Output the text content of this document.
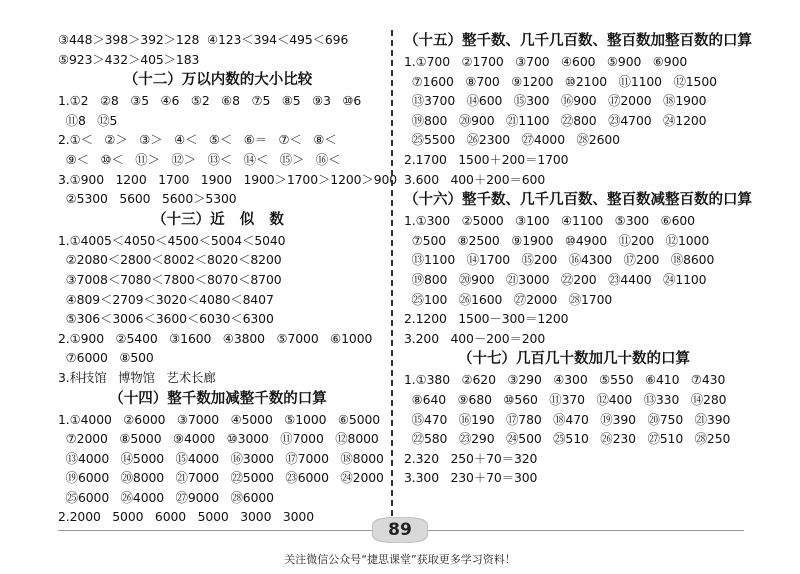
③448＞398＞392＞128  ④123＜394＜495＜696
⑤923＞432＞405＞183
（十二）万以内数的大小比较
1.①2   ②8   ③5   ④6   ⑤2   ⑥8   ⑦5   ⑧5   ⑨3   ⑩6
⑪8   ⑫5
2.①＜   ②＞   ③＞   ④＜   ⑤＜   ⑥＝   ⑦＜   ⑧＜
⑨＜   ⑩＜   ⑪＞   ⑫＞   ⑬＜   ⑭＜   ⑮＞   ⑯＜
3.①900   1200   1700   1900   1900＞1700＞1200＞900
②5300   5600   5600＞5300
（十三）近   似   数
1.①4005＜4050＜4500＜5004＜5040
②2080＜2800＜8002＜8020＜8200
③7008＜7080＜7800＜8070＜8700
④809＜2709＜3020＜4080＜8407
⑤306＜3006＜3600＜6030＜6300
2.①900   ②5400   ③1600   ④3800   ⑤7000   ⑥1000
⑦6000   ⑧500
3.科技馆   博物馆   艺术长廊
（十四）整千数加减整千数的口算
1.①4000   ②6000   ③7000   ④5000   ⑤1000   ⑥5000
⑦2000   ⑧5000   ⑨4000   ⑩3000   ⑪7000   ⑫8000
⑬4000   ⑭5000   ⑮4000   ⑯3000   ⑰7000   ⑱8000
⑲6000   ⑳8000   ㉑7000   ㉒5000   ㉓6000   ㉔2000
㉕6000   ㉖4000   ㉗9000   ㉘6000
2.2000   5000   6000   5000   3000   3000
（十五）整千数、几千几百数、整百数加整百数的口算
1.①700   ②1700   ③700   ④600   ⑤900   ⑥900
⑦1600   ⑧700   ⑨1200   ⑩2100   ⑪1100   ⑫1500
⑬3700   ⑭600   ⑮300   ⑯900   ⑰2000   ⑱1900
⑲800   ⑳900   ㉑1100   ㉒800   ㉓4700   ㉔1200
㉕5500   ㉖2300   ㉗4000   ㉘2600
2.1700   1500＋200＝1700
3.600   400＋200＝600
（十六）整千数、几千几百数、整百数减整百数的口算
1.①300   ②5000   ③100   ④1100   ⑤300   ⑥600
⑦500   ⑧2500   ⑨1900   ⑩4900   ⑪200   ⑫1000
⑬1100   ⑭1700   ⑮200   ⑯4300   ⑰200   ⑱8600
⑲800   ⑳900   ㉑3000   ㉒200   ㉓4400   ㉔1100
㉕100   ㉖1600   ㉗2000   ㉘1700
2.1200   1500－300＝1200
3.200   400－200＝200
（十七）几百几十数加几十数的口算
1.①380   ②620   ③290   ④300   ⑤550   ⑥410   ⑦430
⑧640   ⑨680   ⑩560   ⑪370   ⑫400   ⑬330   ⑭280
⑮470   ⑯190   ⑰780   ⑱470   ⑲390   ⑳750   ㉑390
㉒580   ㉓290   ㉔500   ㉕510   ㉖230   ㉗510   ㉘250
2.320   250＋70＝320
3.300   230＋70＝300
89
关注微信公众号“捷思课堂”获取更多学习资料！
